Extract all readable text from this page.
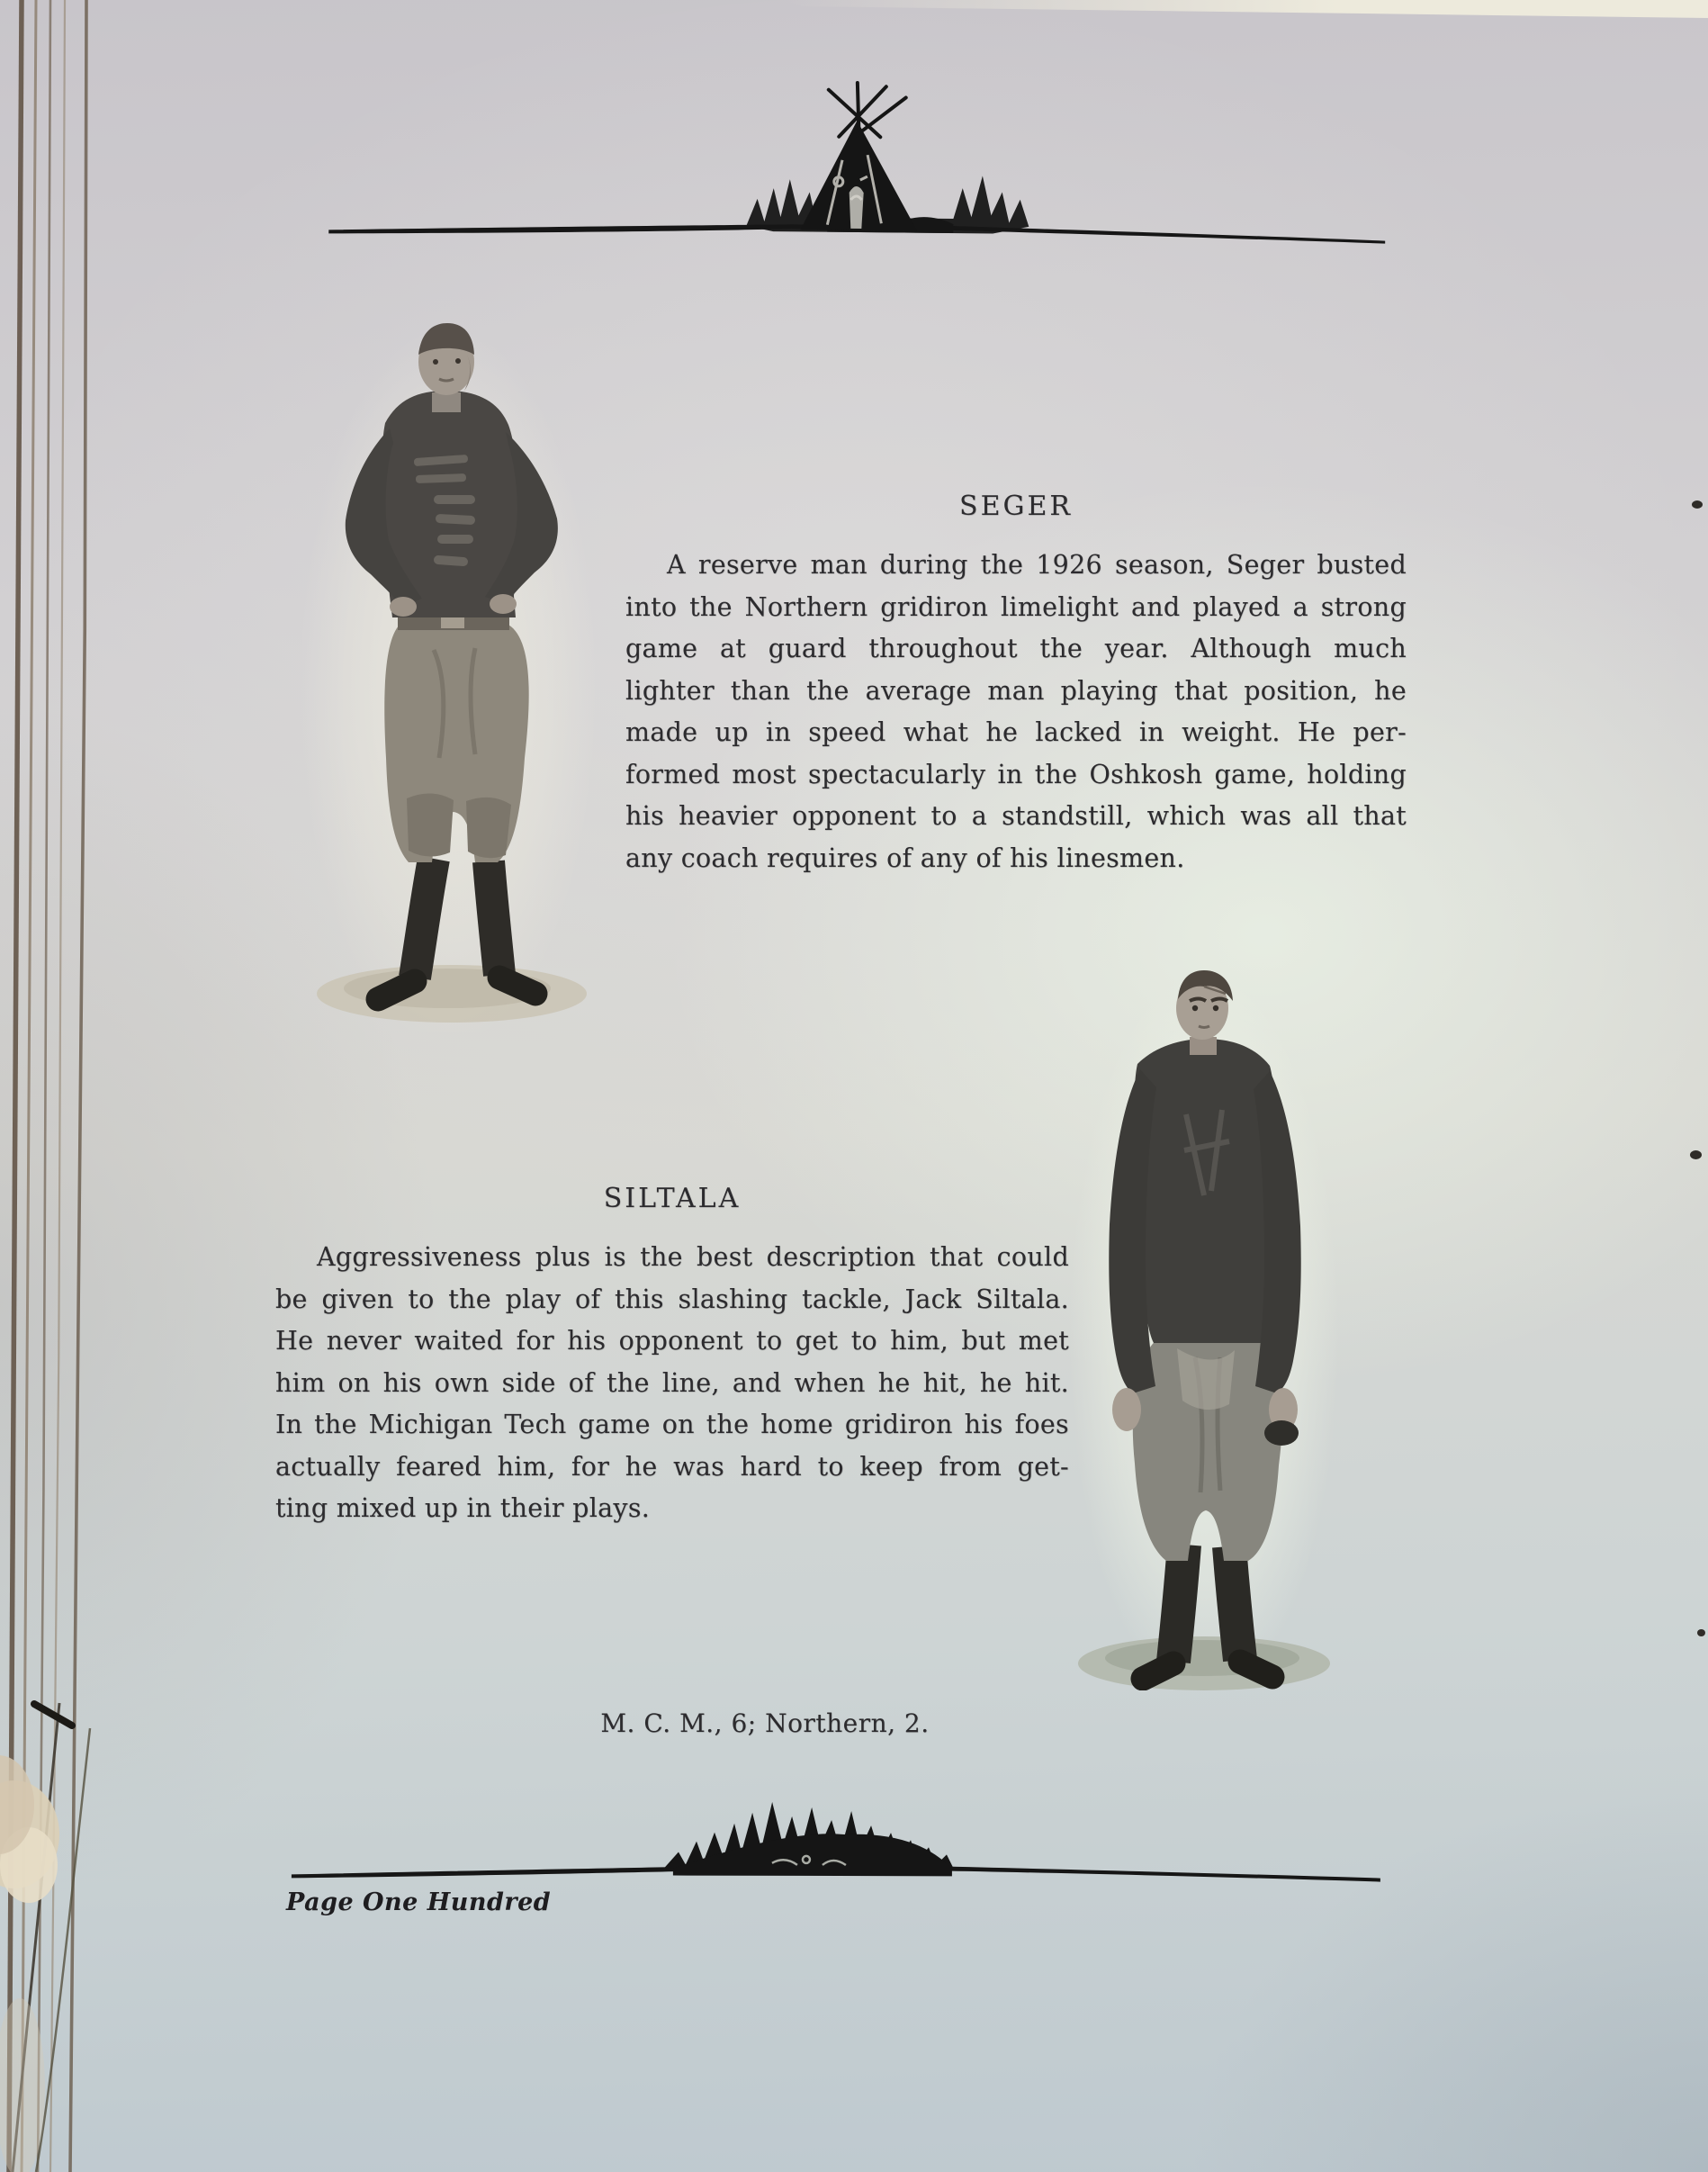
SEGER
A reserve man during the 1926 season, Seger busted
into the Northern gridiron limelight and played a strong
game at guard throughout the year. Although much
lighter than the average man playing that position, he
made up in speed what he lacked in weight. He per-
formed most spectacularly in the Oshkosh game, holding
his heavier opponent to a standstill, which was all that
any coach requires of any of his linesmen.
SILTALA
Aggressiveness plus is the best description that could
be given to the play of this slashing tackle, Jack Siltala.
He never waited for his opponent to get to him, but met
him on his own side of the line, and when he hit, he hit.
In the Michigan Tech game on the home gridiron his foes
actually feared him, for he was hard to keep from get-
ting mixed up in their plays.
M. C. M., 6; Northern, 2.
Page One Hundred
